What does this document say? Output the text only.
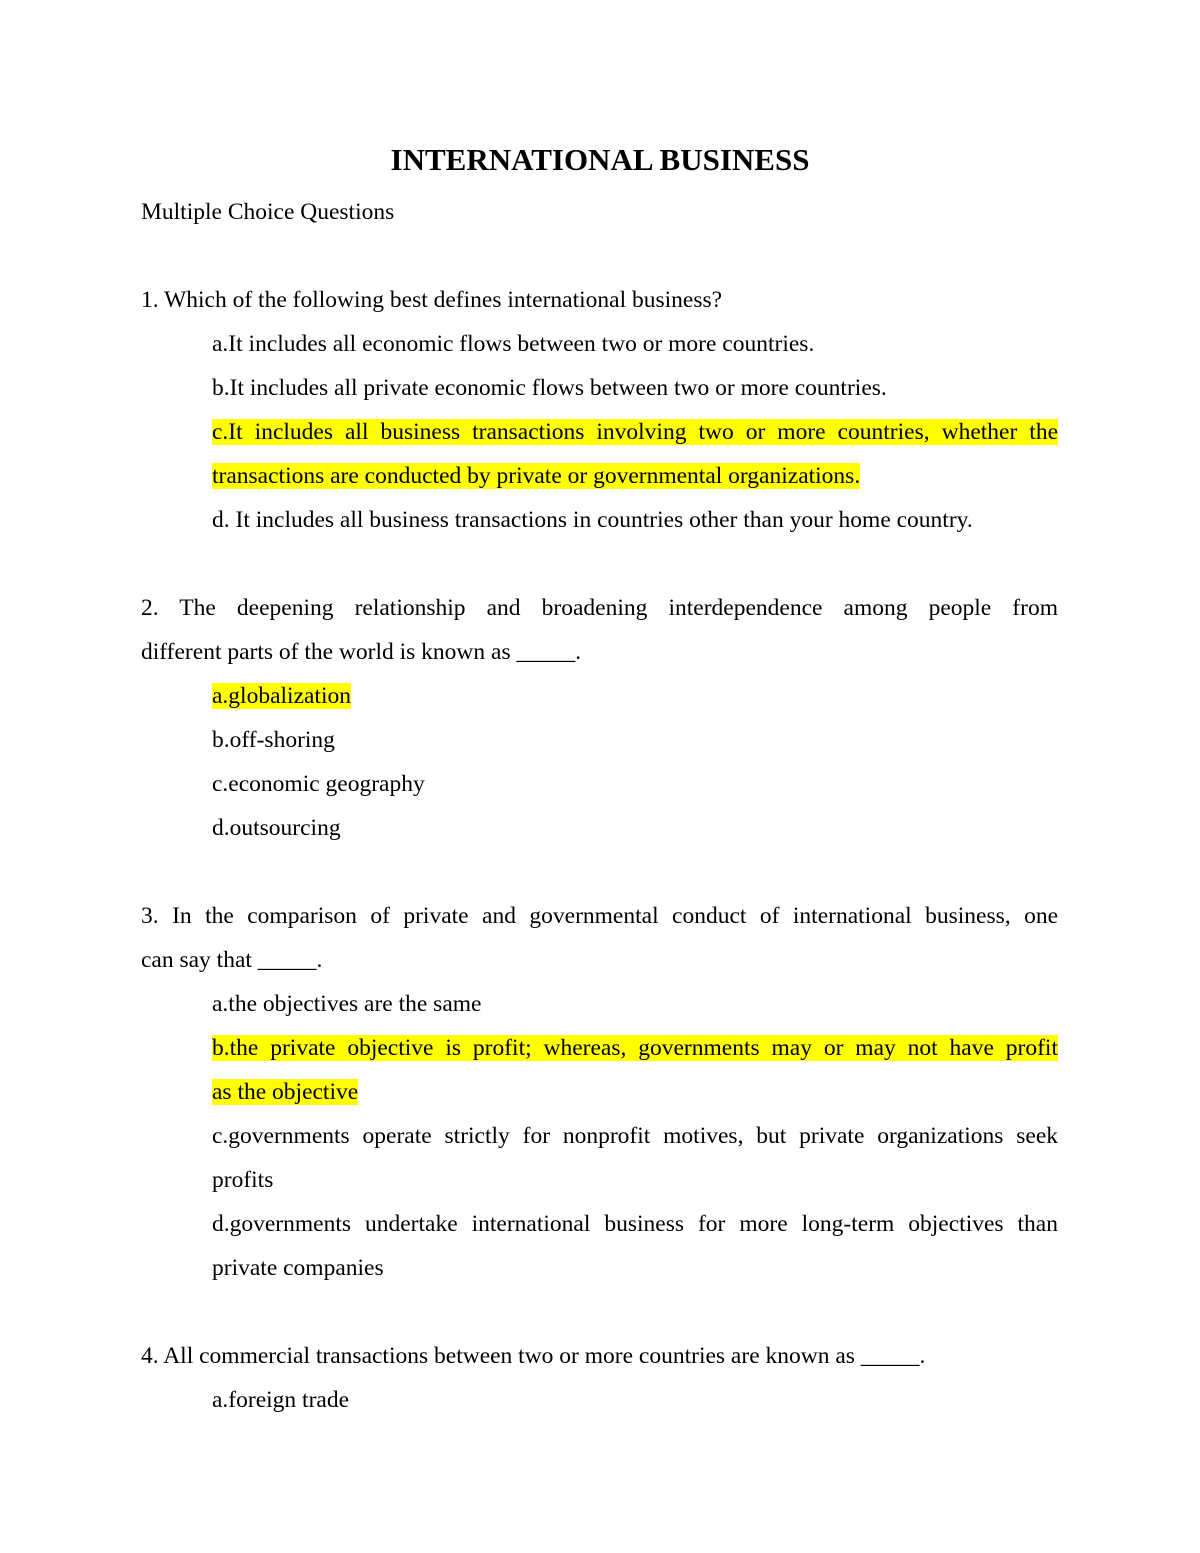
INTERNATIONAL BUSINESS

Multiple Choice Questions

1. Which of the following best defines international business?

a.It includes all economic flows between two or more countries.

b.It includes all private economic flows between two or more countries.

c.It includes all business transactions involving two or more countries, whether the

transactions are conducted by private or governmental organizations.

d. It includes all business transactions in countries other than your home country.

2. The deepening relationship and broadening interdependence among people from

different parts of the world is known as _____.

a.globalization

b.off-shoring

c.economic geography

d.outsourcing

3. In the comparison of private and governmental conduct of international business, one

can say that _____.

a.the objectives are the same

b.the private objective is profit; whereas, governments may or may not have profit

as the objective

c.governments operate strictly for nonprofit motives, but private organizations seek

profits

d.governments undertake international business for more long-term objectives than

private companies

4. All commercial transactions between two or more countries are known as _____.

a.foreign trade
